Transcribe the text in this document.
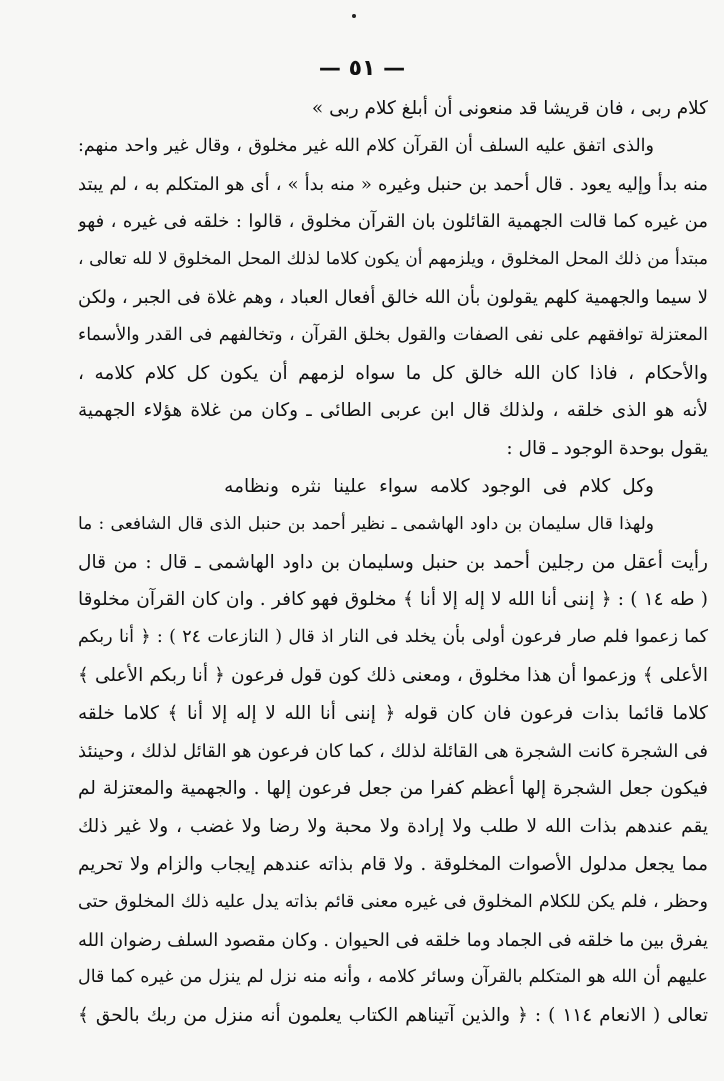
— ٥١ —
كلام ربى ، فان قريشا قد منعونى أن أبلغ كلام ربى »
والذى اتفق عليه السلف أن القرآن كلام الله غير مخلوق ، وقال غير واحد منهم:
منه بدأ وإليه يعود . قال أحمد بن حنبل وغيره « منه بدأ » ، أى هو المتكلم به ، لم يبتد
من غيره كما قالت الجهمية القائلون بان القرآن مخلوق ، قالوا : خلقه فى غيره ، فهو
مبتدأ من ذلك المحل المخلوق ، ويلزمهم أن يكون كلاما لذلك المحل المخلوق لا لله تعالى ،
لا سيما والجهمية كلهم يقولون بأن الله خالق أفعال العباد ، وهم غلاة فى الجبر ، ولكن
المعتزلة توافقهم على نفى الصفات والقول بخلق القرآن ، وتخالفهم فى القدر والأسماء
والأحكام ، فاذا كان الله خالق كل ما سواه لزمهم أن يكون كل كلام كلامه ،
لأنه هو الذى خلقه ، ولذلك قال ابن عربى الطائى ـ وكان من غلاة هؤلاء الجهمية
يقول بوحدة الوجود ـ قال :
وكل كلام فى الوجود كلامه سواء علينا نثره ونظامه
ولهذا قال سليمان بن داود الهاشمى ـ نظير أحمد بن حنبل الذى قال الشافعى : ما
رأيت أعقل من رجلين أحمد بن حنبل وسليمان بن داود الهاشمى ـ قال : من قال
( طه ١٤ ) : ﴿ إننى أنا الله لا إله إلا أنا ﴾ مخلوق فهو كافر . وان كان القرآن مخلوقا
كما زعموا فلم صار فرعون أولى بأن يخلد فى النار اذ قال ( النازعات ٢٤ ) : ﴿ أنا ربكم
الأعلى ﴾ وزعموا أن هذا مخلوق ، ومعنى ذلك كون قول فرعون ﴿ أنا ربكم الأعلى ﴾
كلاما قائما بذات فرعون فان كان قوله ﴿ إننى أنا الله لا إله إلا أنا ﴾ كلاما خلقه
فى الشجرة كانت الشجرة هى القائلة لذلك ، كما كان فرعون هو القائل لذلك ، وحينئذ
فيكون جعل الشجرة إلها أعظم كفرا من جعل فرعون إلها . والجهمية والمعتزلة لم
يقم عندهم بذات الله لا طلب ولا إرادة ولا محبة ولا رضا ولا غضب ، ولا غير ذلك
مما يجعل مدلول الأصوات المخلوقة . ولا قام بذاته عندهم إيجاب والزام ولا تحريم
وحظر ، فلم يكن للكلام المخلوق فى غيره معنى قائم بذاته يدل عليه ذلك المخلوق حتى
يفرق بين ما خلقه فى الجماد وما خلقه فى الحيوان . وكان مقصود السلف رضوان الله
عليهم أن الله هو المتكلم بالقرآن وسائر كلامه ، وأنه منه نزل لم ينزل من غيره كما قال
تعالى ( الانعام ١١٤ ) : ﴿ والذين آتيناهم الكتاب يعلمون أنه منزل من ربك بالحق ﴾
